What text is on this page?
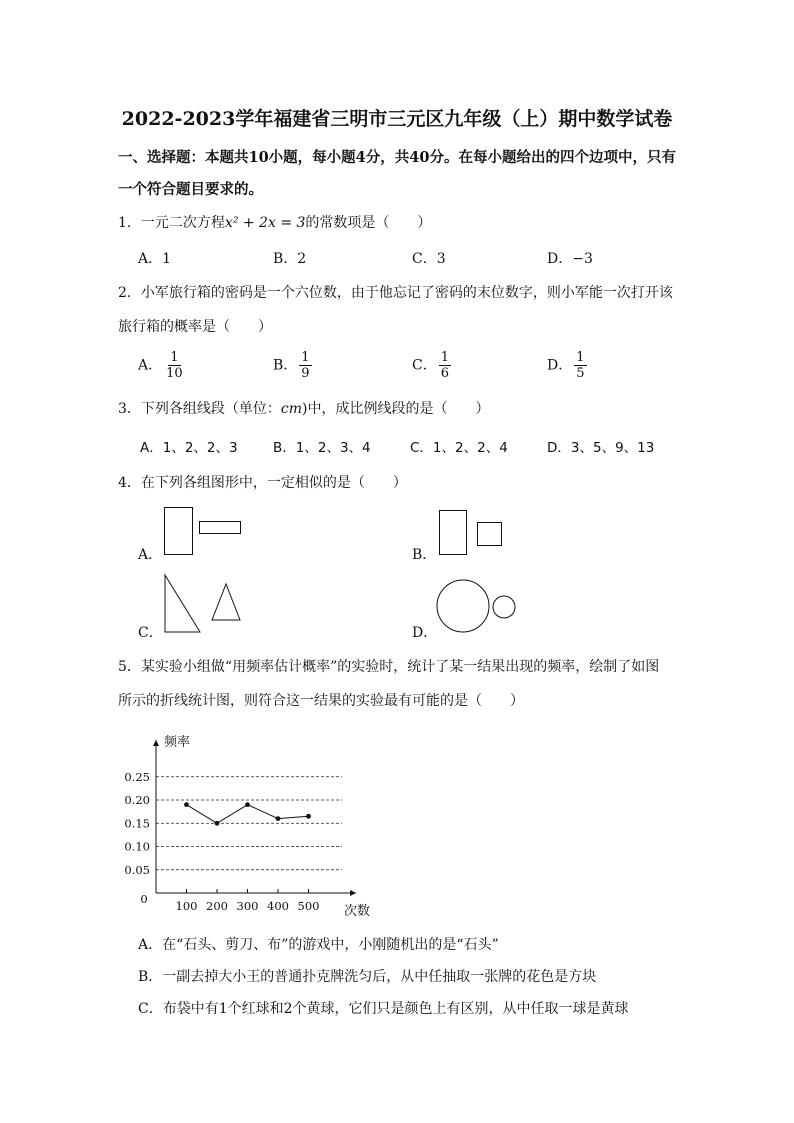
2022-2023学年福建省三明市三元区九年级（上）期中数学试卷
一、选择题：本题共10小题，每小题4分，共40分。在每小题给出的四个边项中，只有
一个符合题目要求的。
1．一元二次方程x² + 2x = 3的常数项是（　　）
A．1	B．2	C．3	D．−3
2．小军旅行箱的密码是一个六位数，由于他忘记了密码的末位数字，则小军能一次打开该
旅行箱的概率是（　　）
A． $\frac{1}{10}$	B． $\frac{1}{9}$	C． $\frac{1}{6}$	D． $\frac{1}{5}$
3．下列各组线段（单位：cm)中，成比例线段的是（　　）
A．1、2、2、3	B．1、2、3、4	C．1、2、2、4	D．3、5、9、13
4．在下列各组图形中，一定相似的是（　　）
A．	B．
C．	D．
5．某实验小组做“用频率估计概率”的实验时，统计了某一结果出现的频率，绘制了如图
所示的折线统计图，则符合这一结果的实验最有可能的是（　　）
0.05
0.10
0.15
0.20
0.25
100 200 300 400 500
0
频率
次数
A．在“石头、剪刀、布”的游戏中，小刚随机出的是“石头”
B．一副去掉大小王的普通扑克牌洗匀后，从中任抽取一张牌的花色是方块
C．布袋中有1个红球和2个黄球，它们只是颜色上有区别，从中任取一球是黄球
